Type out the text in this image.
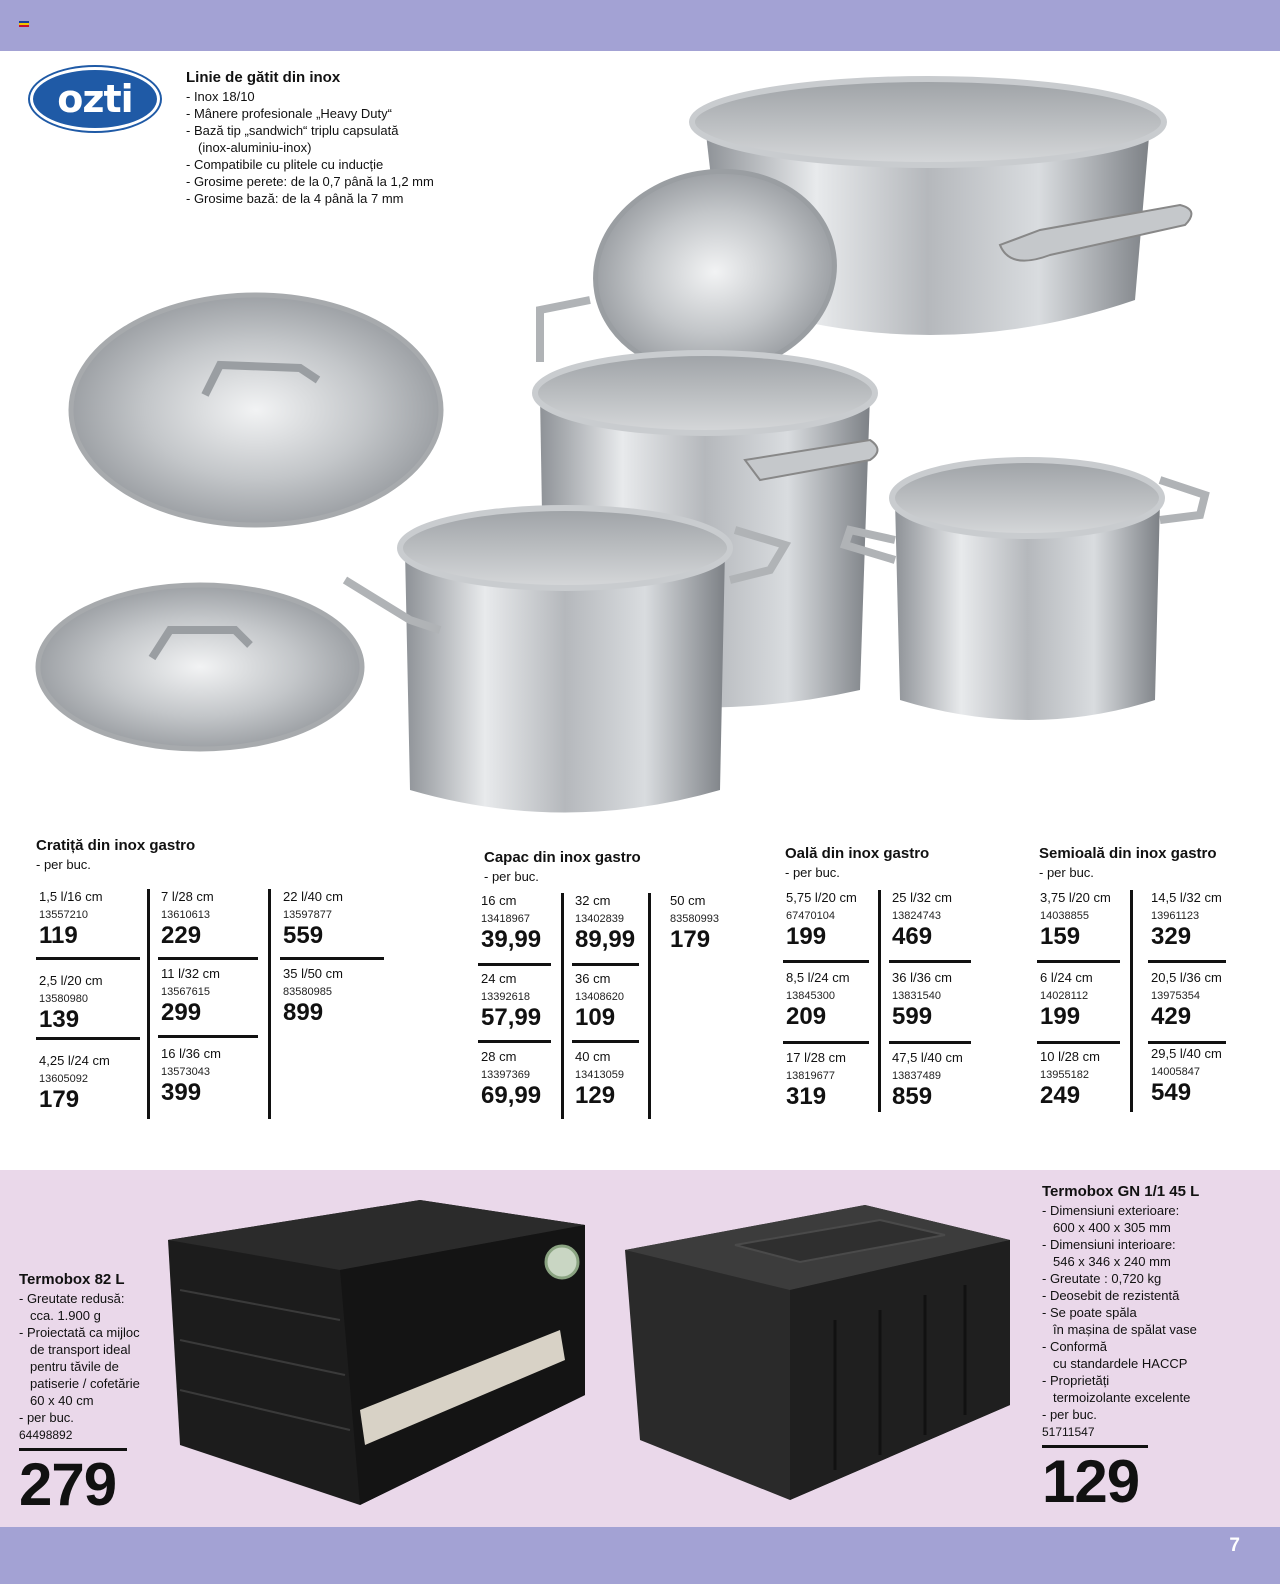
ozti	Linie de gătit din inox
- Inox 18/10
- Mânere profesionale „Heavy Duty“
- Bază tip „sandwich“ triplu capsulată
(inox-aluminiu-inox)
- Compatibile cu plitele cu inducție
- Grosime perete: de la 0,7 până la 1,2 mm
- Grosime bază: de la 4 până la 7 mm
Cratiță din inox gastro
- per buc.
1,5 l/16 cm
13557210
119
2,5 l/20 cm
13580980
139
4,25 l/24 cm
13605092
179
7 l/28 cm
13610613
229
11 l/32 cm
13567615
299
16 l/36 cm
13573043
399
22 l/40 cm
13597877
559
35 l/50 cm
83580985
899
Capac din inox gastro
- per buc.
16 cm
13418967
39,99
24 cm
13392618
57,99
28 cm
13397369
69,99
32 cm
13402839
89,99
36 cm
13408620
109
40 cm
13413059
129
50 cm
83580993
179
Oală din inox gastro
- per buc.
5,75 l/20 cm
67470104
199
8,5 l/24 cm
13845300
209
17 l/28 cm
13819677
319
25 l/32 cm
13824743
469
36 l/36 cm
13831540
599
47,5 l/40 cm
13837489
859
Semioală din inox gastro
- per buc.
3,75 l/20 cm
14038855
159
6 l/24 cm
14028112
199
10 l/28 cm
13955182
249
14,5 l/32 cm
13961123
329
20,5 l/36 cm
13975354
429
29,5 l/40 cm
14005847
549
Termobox 82 L
- Greutate redusă:
cca. 1.900 g
- Proiectată ca mijloc
de transport ideal
pentru tăvile de
patiserie / cofetărie
60 x 40 cm
- per buc.
64498892
279
Termobox GN 1/1 45 L
- Dimensiuni exterioare:
600 x 400 x 305 mm
- Dimensiuni interioare:
546 x 346 x 240 mm
- Greutate : 0,720 kg
- Deosebit de rezistentă
- Se poate spăla
în mașina de spălat vase
- Conformă
cu standardele HACCP
- Proprietăți
termoizolante excelente
- per buc.
51711547
129
7
